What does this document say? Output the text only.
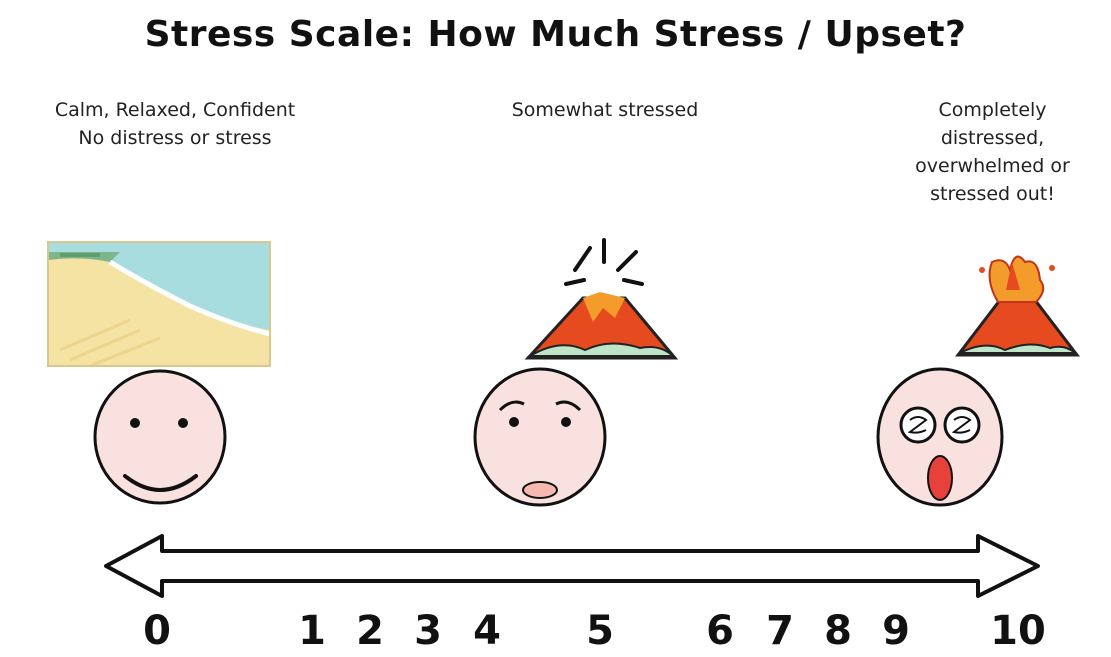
Stress Scale: How Much Stress / Upset?
Calm, Relaxed, Confident
No distress or stress
Somewhat stressed	Completely
distressed,
overwhelmed or
stressed out!
0	1 2 3 4 5 6 7 8 9 10
